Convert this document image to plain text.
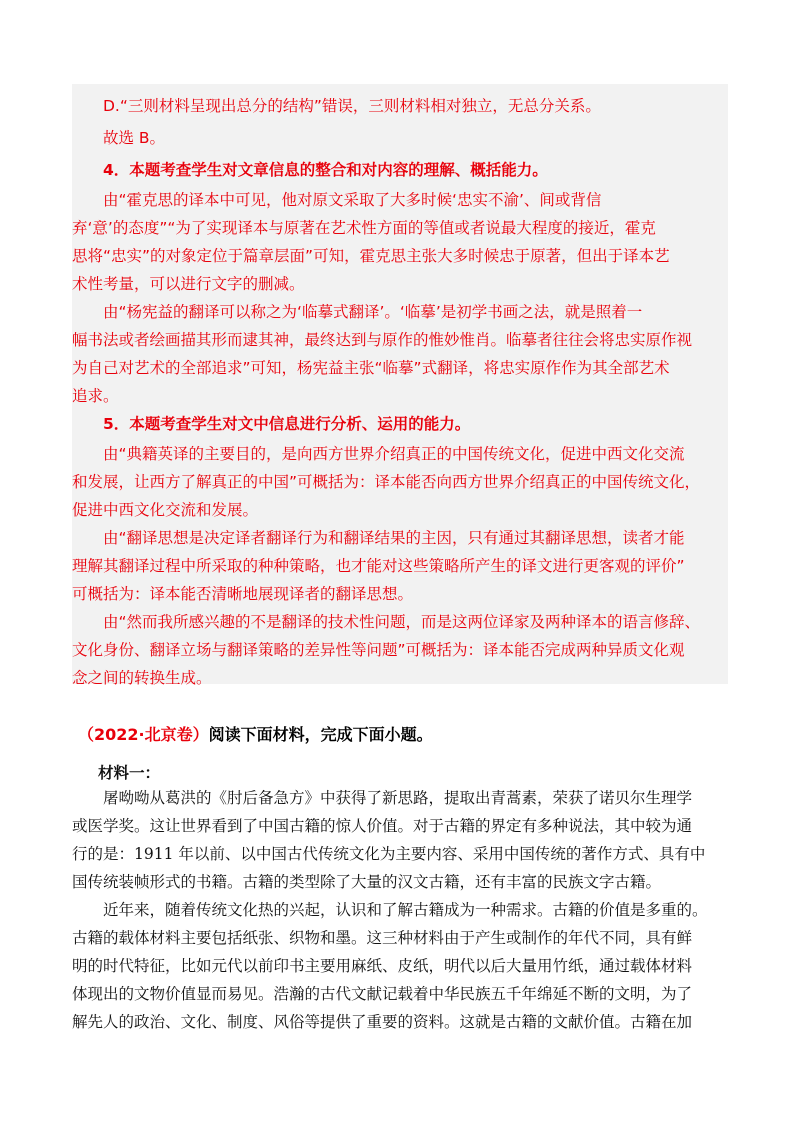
D.“三则材料呈现出总分的结构”错误，三则材料相对独立，无总分关系。
故选 B。
4．本题考查学生对文章信息的整合和对内容的理解、概括能力。
由“霍克思的译本中可见，他对原文采取了大多时候‘忠实不渝’、间或背信
弃‘意’的态度”“为了实现译本与原著在艺术性方面的等值或者说最大程度的接近，霍克
思将“忠实”的对象定位于篇章层面”可知，霍克思主张大多时候忠于原著，但出于译本艺
术性考量，可以进行文字的删减。
由“杨宪益的翻译可以称之为‘临摹式翻译’。‘临摹’是初学书画之法，就是照着一
幅书法或者绘画描其形而逮其神，最终达到与原作的惟妙惟肖。临摹者往往会将忠实原作视
为自己对艺术的全部追求”可知，杨宪益主张“临摹”式翻译，将忠实原作作为其全部艺术
追求。
5．本题考查学生对文中信息进行分析、运用的能力。
由“典籍英译的主要目的，是向西方世界介绍真正的中国传统文化，促进中西文化交流
和发展，让西方了解真正的中国”可概括为：译本能否向西方世界介绍真正的中国传统文化，
促进中西文化交流和发展。
由“翻译思想是决定译者翻译行为和翻译结果的主因，只有通过其翻译思想，读者才能
理解其翻译过程中所采取的种种策略，也才能对这些策略所产生的译文进行更客观的评价”
可概括为：译本能否清晰地展现译者的翻译思想。
由“然而我所感兴趣的不是翻译的技术性问题，而是这两位译家及两种译本的语言修辞、
文化身份、翻译立场与翻译策略的差异性等问题”可概括为：译本能否完成两种异质文化观
念之间的转换生成。
（2022·北京卷）阅读下面材料，完成下面小题。
材料一：
屠呦呦从葛洪的《肘后备急方》中获得了新思路，提取出青蒿素，荣获了诺贝尔生理学
或医学奖。这让世界看到了中国古籍的惊人价值。对于古籍的界定有多种说法，其中较为通
行的是：1911 年以前、以中国古代传统文化为主要内容、采用中国传统的著作方式、具有中
国传统装帧形式的书籍。古籍的类型除了大量的汉文古籍，还有丰富的民族文字古籍。
近年来，随着传统文化热的兴起，认识和了解古籍成为一种需求。古籍的价值是多重的。
古籍的载体材料主要包括纸张、织物和墨。这三种材料由于产生或制作的年代不同，具有鲜
明的时代特征，比如元代以前印书主要用麻纸、皮纸，明代以后大量用竹纸，通过载体材料
体现出的文物价值显而易见。浩瀚的古代文献记载着中华民族五千年绵延不断的文明，为了
解先人的政治、文化、制度、风俗等提供了重要的资料。这就是古籍的文献价值。古籍在加
